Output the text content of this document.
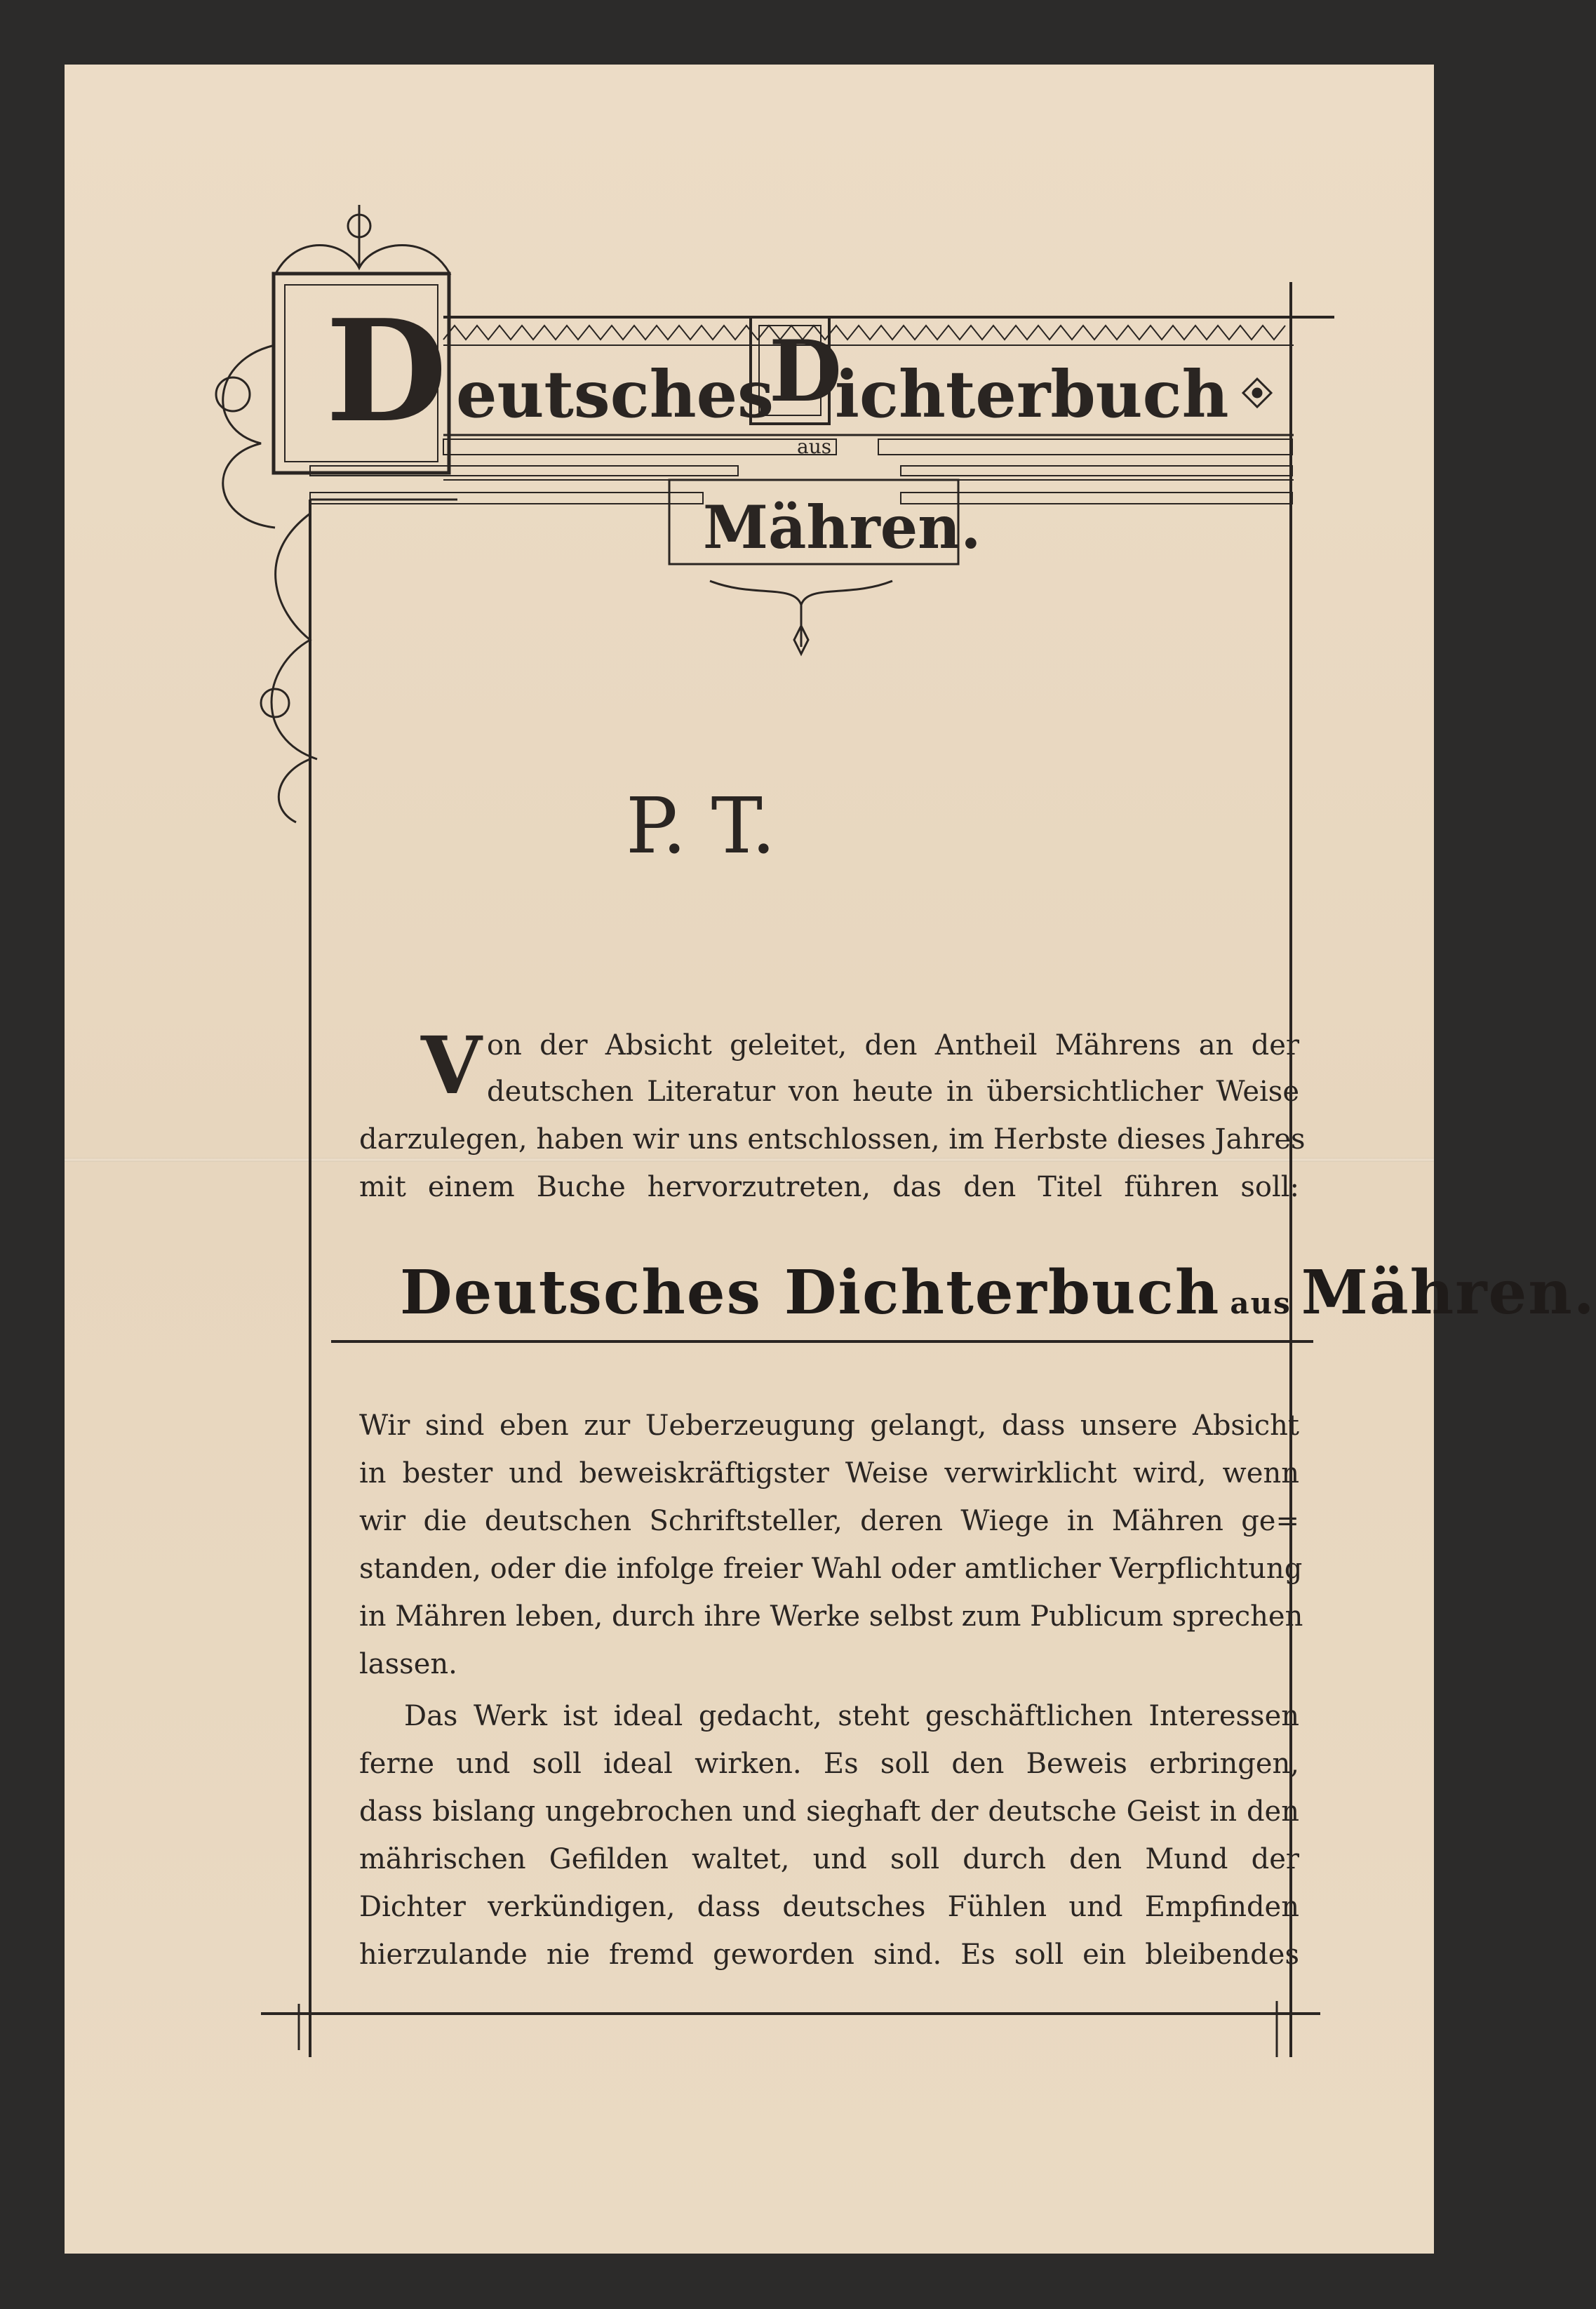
D eutsches
D
ichterbuch
aus
Mähren.
P. T.
V on der Absicht geleitet, den Antheil Mährens an der
deutschen Literatur von heute in übersichtlicher Weise
darzulegen, haben wir uns entschlossen, im Herbste dieses Jahres
mit einem Buche hervorzutreten, das den Titel führen soll:
Deutsches Dichterbuch aus Mähren.
Wir sind eben zur Ueberzeugung gelangt, dass unsere Absicht
in bester und beweiskräftigster Weise verwirklicht wird, wenn
wir die deutschen Schriftsteller, deren Wiege in Mähren ge=
standen, oder die infolge freier Wahl oder amtlicher Verpflichtung
in Mähren leben, durch ihre Werke selbst zum Publicum sprechen
lassen.
Das Werk ist ideal gedacht, steht geschäftlichen Interessen
ferne und soll ideal wirken. Es soll den Beweis erbringen,
dass bislang ungebrochen und sieghaft der deutsche Geist in den
mährischen Gefilden waltet, und soll durch den Mund der
Dichter verkündigen, dass deutsches Fühlen und Empfinden
hierzulande nie fremd geworden sind. Es soll ein bleibendes
